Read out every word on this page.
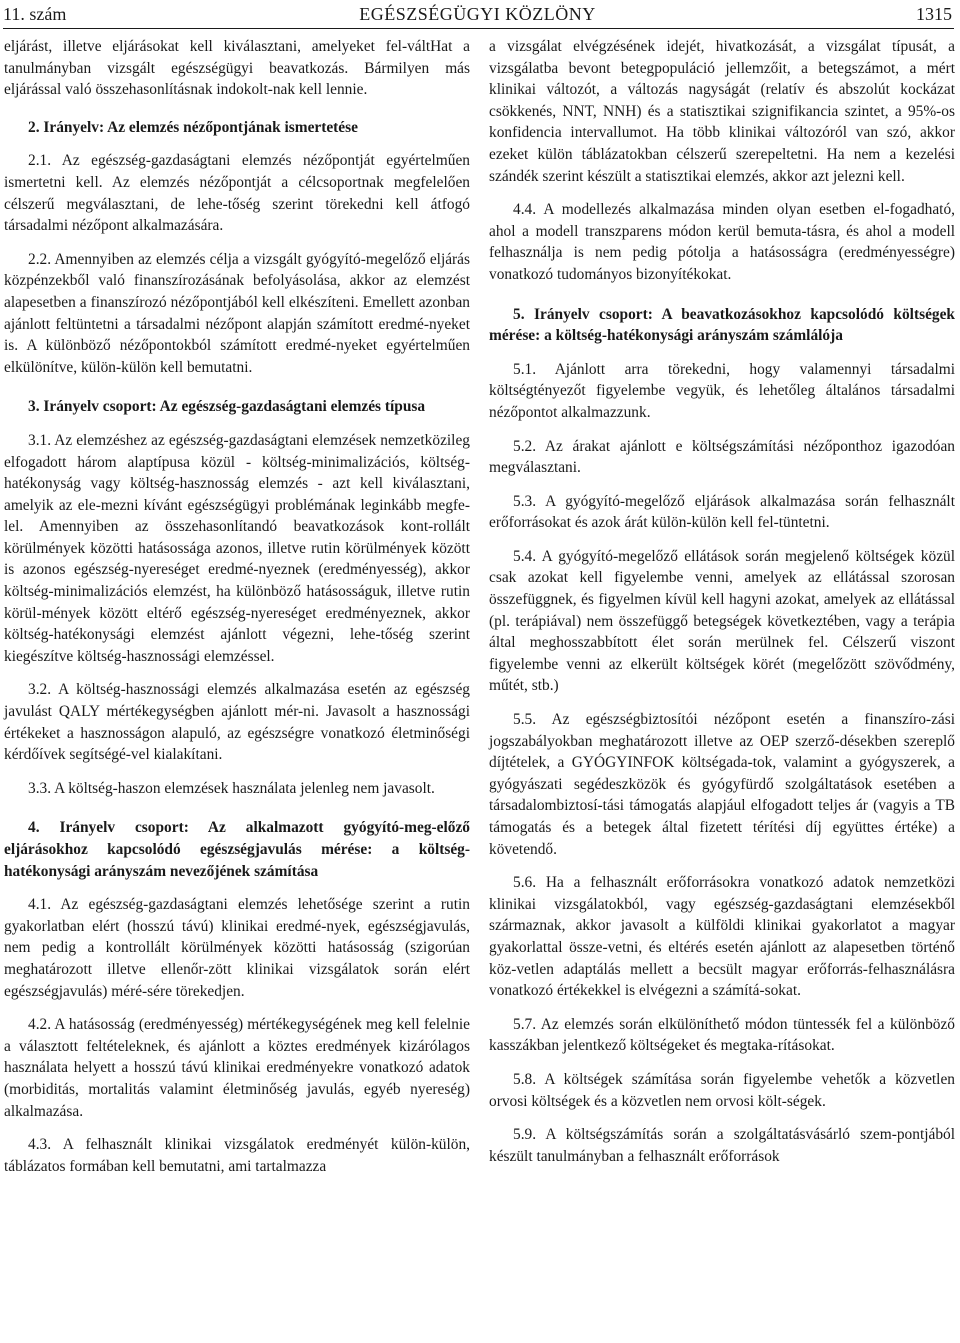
11. szám	EGÉSZSÉGÜGYI KÖZLÖNY	1315

eljárást, illetve eljárásokat kell kiválasztani, amelyeket fel-váltHat a tanulmányban vizsgált egészségügyi beavatkozás. Bármilyen más eljárással való összehasonlításnak indokolt-nak kell lennie.

2. Irányelv: Az elemzés nézőpontjának ismertetése

2.1. Az egészség-gazdaságtani elemzés nézőpontját egyértelműen ismertetni kell. Az elemzés nézőpontját a célcsoportnak megfelelően célszerű megválasztani, de lehe-tőség szerint törekedni kell átfogó társadalmi nézőpont alkalmazására.

2.2. Amennyiben az elemzés célja a vizsgált gyógyító-megelőző eljárás közpénzekből való finanszírozásának befolyásolása, akkor az elemzést alapesetben a finanszírozó nézőpontjából kell elkészíteni. Emellett azonban ajánlott feltüntetni a társadalmi nézőpont alapján számított eredmé-nyeket is. A különböző nézőpontokból számított eredmé-nyeket egyértelműen elkülönítve, külön-külön kell bemutatni.

3. Irányelv csoport: Az egészség-gazdaságtani elemzés típusa

3.1. Az elemzéshez az egészség-gazdaságtani elemzések nemzetközileg elfogadott három alaptípusa közül - költség-minimalizációs, költség-hatékonyság vagy költség-hasznosság elemzés - azt kell kiválasztani, amelyik az ele-mezni kívánt egészségügyi problémának leginkább megfe-lel. Amennyiben az összehasonlítandó beavatkozások kont-rollált körülmények közötti hatásossága azonos, illetve rutin körülmények között is azonos egészség-nyereséget eredmé-nyeznek (eredményesség), akkor költség-minimalizációs elemzést, ha különböző hatásosságuk, illetve rutin körül-mények között eltérő egészség-nyereséget eredményeznek, akkor költség-hatékonysági elemzést ajánlott végezni, lehe-tőség szerint kiegészítve költség-hasznossági elemzéssel.

3.2. A költség-hasznossági elemzés alkalmazása esetén az egészség javulást QALY mértékegységben ajánlott mér-ni. Javasolt a hasznossági értékeket a hasznosságon alapuló, az egészségre vonatkozó életminőségi kérdőívek segítségé-vel kialakítani.

3.3. A költség-haszon elemzések használata jelenleg nem javasolt.

4. Irányelv csoport: Az alkalmazott gyógyító-meg-előző eljárásokhoz kapcsolódó egészségjavulás mérése: a költség-hatékonysági arányszám nevezőjének számítása

4.1. Az egészség-gazdaságtani elemzés lehetősége szerint a rutin gyakorlatban elért (hosszú távú) klinikai eredmé-nyek, egészségjavulás, nem pedig a kontrollált körülmények közötti hatásosság (szigorúan meghatározott illetve ellenőr-zött klinikai vizsgálatok során elért egészségjavulás) méré-sére törekedjen.

4.2. A hatásosság (eredményesség) mértékegységének meg kell felelnie a választott feltételeknek, és ajánlott a köztes eredmények kizárólagos használata helyett a hosszú távú klinikai eredményekre vonatkozó adatok (morbiditás, mortalitás valamint életminőség javulás, egyéb nyereség) alkalmazása.

4.3. A felhasznált klinikai vizsgálatok eredményét külön-külön, táblázatos formában kell bemutatni, ami tartalmazza

a vizsgálat elvégzésének idejét, hivatkozását, a vizsgálat típusát, a vizsgálatba bevont betegpopuláció jellemzőit, a betegszámot, a mért klinikai változót, a változás nagyságát (relatív és abszolút kockázat csökkenés, NNT, NNH) és a statisztikai szignifikancia szintet, a 95%-os konfidencia intervallumot. Ha több klinikai változóról van szó, akkor ezeket külön táblázatokban célszerű szerepeltetni. Ha nem a kezelési szándék szerint készült a statisztikai elemzés, akkor azt jelezni kell.

4.4. A modellezés alkalmazása minden olyan esetben el-fogadható, ahol a modell transzparens módon kerül bemuta-tásra, és ahol a modell felhasználja is nem pedig pótolja a hatásosságra (eredményességre) vonatkozó tudományos bizonyítékokat.

5. Irányelv csoport: A beavatkozásokhoz kapcsolódó költségek mérése: a költség-hatékonysági arányszám számlálója

5.1. Ajánlott arra törekedni, hogy valamennyi társadalmi költségtényezőt figyelembe vegyük, és lehetőleg általános társadalmi nézőpontot alkalmazzunk.

5.2. Az árakat ajánlott e költségszámítási nézőponthoz igazodóan megválasztani.

5.3. A gyógyító-megelőző eljárások alkalmazása során felhasznált erőforrásokat és azok árát külön-külön kell fel-tüntetni.

5.4. A gyógyító-megelőző ellátások során megjelenő költségek közül csak azokat kell figyelembe venni, amelyek az ellátással szorosan összefüggnek, és figyelmen kívül kell hagyni azokat, amelyek az ellátással (pl. terápiával) nem összefüggő betegségek következtében, vagy a terápia által meghosszabbított élet során merülnek fel. Célszerű viszont figyelembe venni az elkerült költségek körét (megelőzött szövődmény, műtét, stb.)

5.5. Az egészségbiztosítói nézőpont esetén a finanszíro-zási jogszabályokban meghatározott illetve az OEP szerző-désekben szereplő díjtételek, a GYÓGYINFOK költségada-tok, valamint a gyógyszerek, a gyógyászati segédeszközök és gyógyfürdő szolgáltatások esetében a társadalombiztosí-tási támogatás alapjául elfogadott teljes ár (vagyis a TB támogatás és a betegek által fizetett térítési díj együttes értéke) a követendő.

5.6. Ha a felhasznált erőforrásokra vonatkozó adatok nemzetközi klinikai vizsgálatokból, vagy egészség-gazdaságtani elemzésekből származnak, akkor javasolt a külföldi klinikai gyakorlatot a magyar gyakorlattal össze-vetni, és eltérés esetén ajánlott az alapesetben történő köz-vetlen adaptálás mellett a becsült magyar erőforrás-felhasználásra vonatkozó értékekkel is elvégezni a számítá-sokat.

5.7. Az elemzés során elkülöníthető módon tüntessék fel a különböző kasszákban jelentkező költségeket és megtaka-rításokat.

5.8. A költségek számítása során figyelembe vehetők a közvetlen orvosi költségek és a közvetlen nem orvosi költ-ségek.

5.9. A költségszámítás során a szolgáltatásvásárló szem-pontjából készült tanulmányban a felhasznált erőforrások
